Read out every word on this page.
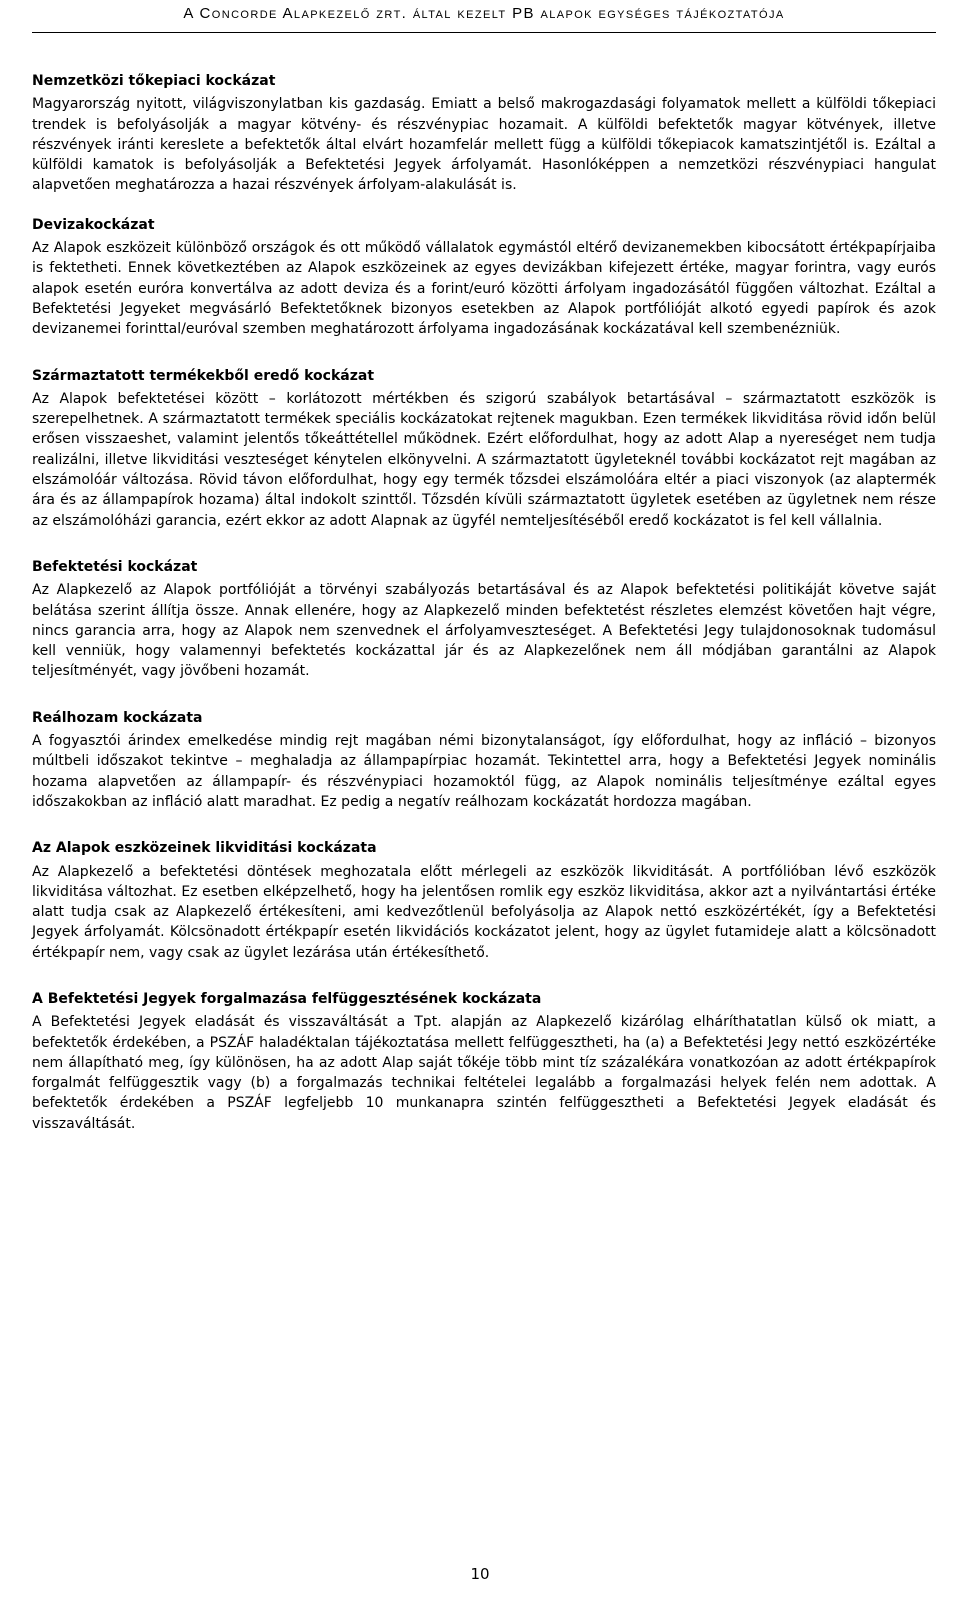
A Concorde Alapkezelő zrt. által kezelt PB alapok egységes tájékoztatója

Nemzetközi tőkepiaci kockázat

Magyarország nyitott, világviszonylatban kis gazdaság. Emiatt a belső makrogazdasági folyamatok mellett a külföldi tőkepiaci trendek is befolyásolják a magyar kötvény- és részvénypiac hozamait. A külföldi befektetők magyar kötvények, illetve részvények iránti kereslete a befektetők által elvárt hozamfelár mellett függ a külföldi tőkepiacok kamatszintjétől is. Ezáltal a külföldi kamatok is befolyásolják a Befektetési Jegyek árfolyamát. Hasonlóképpen a nemzetközi részvénypiaci hangulat alapvetően meghatározza a hazai részvények árfolyam-alakulását is.

Devizakockázat

Az Alapok eszközeit különböző országok és ott működő vállalatok egymástól eltérő devizanemekben kibocsátott értékpapírjaiba is fektetheti. Ennek következtében az Alapok eszközeinek az egyes devizákban kifejezett értéke, magyar forintra, vagy eurós alapok esetén euróra konvertálva az adott deviza és a forint/euró közötti árfolyam ingadozásától függően változhat. Ezáltal a Befektetési Jegyeket megvásárló Befektetőknek bizonyos esetekben az Alapok portfólióját alkotó egyedi papírok és azok devizanemei forinttal/euróval szemben meghatározott árfolyama ingadozásának kockázatával kell szembenézniük.

Származtatott termékekből eredő kockázat

Az Alapok befektetései között – korlátozott mértékben és szigorú szabályok betartásával – származtatott eszközök is szerepelhetnek. A származtatott termékek speciális kockázatokat rejtenek magukban. Ezen termékek likviditása rövid időn belül erősen visszaeshet, valamint jelentős tőkeáttétellel működnek. Ezért előfordulhat, hogy az adott Alap a nyereséget nem tudja realizálni, illetve likviditási veszteséget kénytelen elkönyvelni. A származtatott ügyleteknél további kockázatot rejt magában az elszámolóár változása. Rövid távon előfordulhat, hogy egy termék tőzsdei elszámolóára eltér a piaci viszonyok (az alaptermék ára és az állampapírok hozama) által indokolt szinttől. Tőzsdén kívüli származtatott ügyletek esetében az ügyletnek nem része az elszámolóházi garancia, ezért ekkor az adott Alapnak az ügyfél nemteljesítéséből eredő kockázatot is fel kell vállalnia.

Befektetési kockázat

Az Alapkezelő az Alapok portfólióját a törvényi szabályozás betartásával és az Alapok befektetési politikáját követve saját belátása szerint állítja össze. Annak ellenére, hogy az Alapkezelő minden befektetést részletes elemzést követően hajt végre, nincs garancia arra, hogy az Alapok nem szenvednek el árfolyamveszteséget. A Befektetési Jegy tulajdonosoknak tudomásul kell venniük, hogy valamennyi befektetés kockázattal jár és az Alapkezelőnek nem áll módjában garantálni az Alapok teljesítményét, vagy jövőbeni hozamát.

Reálhozam kockázata

A fogyasztói árindex emelkedése mindig rejt magában némi bizonytalanságot, így előfordulhat, hogy az infláció – bizonyos múltbeli időszakot tekintve – meghaladja az állampapírpiac hozamát. Tekintettel arra, hogy a Befektetési Jegyek nominális hozama alapvetően az állampapír- és részvénypiaci hozamoktól függ, az Alapok nominális teljesítménye ezáltal egyes időszakokban az infláció alatt maradhat. Ez pedig a negatív reálhozam kockázatát hordozza magában.

Az Alapok eszközeinek likviditási kockázata

Az Alapkezelő a befektetési döntések meghozatala előtt mérlegeli az eszközök likviditását. A portfólióban lévő eszközök likviditása változhat. Ez esetben elképzelhető, hogy ha jelentősen romlik egy eszköz likviditása, akkor azt a nyilvántartási értéke alatt tudja csak az Alapkezelő értékesíteni, ami kedvezőtlenül befolyásolja az Alapok nettó eszközértékét, így a Befektetési Jegyek árfolyamát. Kölcsönadott értékpapír esetén likvidációs kockázatot jelent, hogy az ügylet futamideje alatt a kölcsönadott értékpapír nem, vagy csak az ügylet lezárása után értékesíthető.

A Befektetési Jegyek forgalmazása felfüggesztésének kockázata

A Befektetési Jegyek eladását és visszaváltását a Tpt. alapján az Alapkezelő kizárólag elháríthatatlan külső ok miatt, a befektetők érdekében, a PSZÁF haladéktalan tájékoztatása mellett felfüggesztheti, ha (a) a Befektetési Jegy nettó eszközértéke nem állapítható meg, így különösen, ha az adott Alap saját tőkéje több mint tíz százalékára vonatkozóan az adott értékpapírok forgalmát felfüggesztik vagy (b) a forgalmazás technikai feltételei legalább a forgalmazási helyek felén nem adottak. A befektetők érdekében a PSZÁF legfeljebb 10 munkanapra szintén felfüggesztheti a Befektetési Jegyek eladását és visszaváltását.

10
